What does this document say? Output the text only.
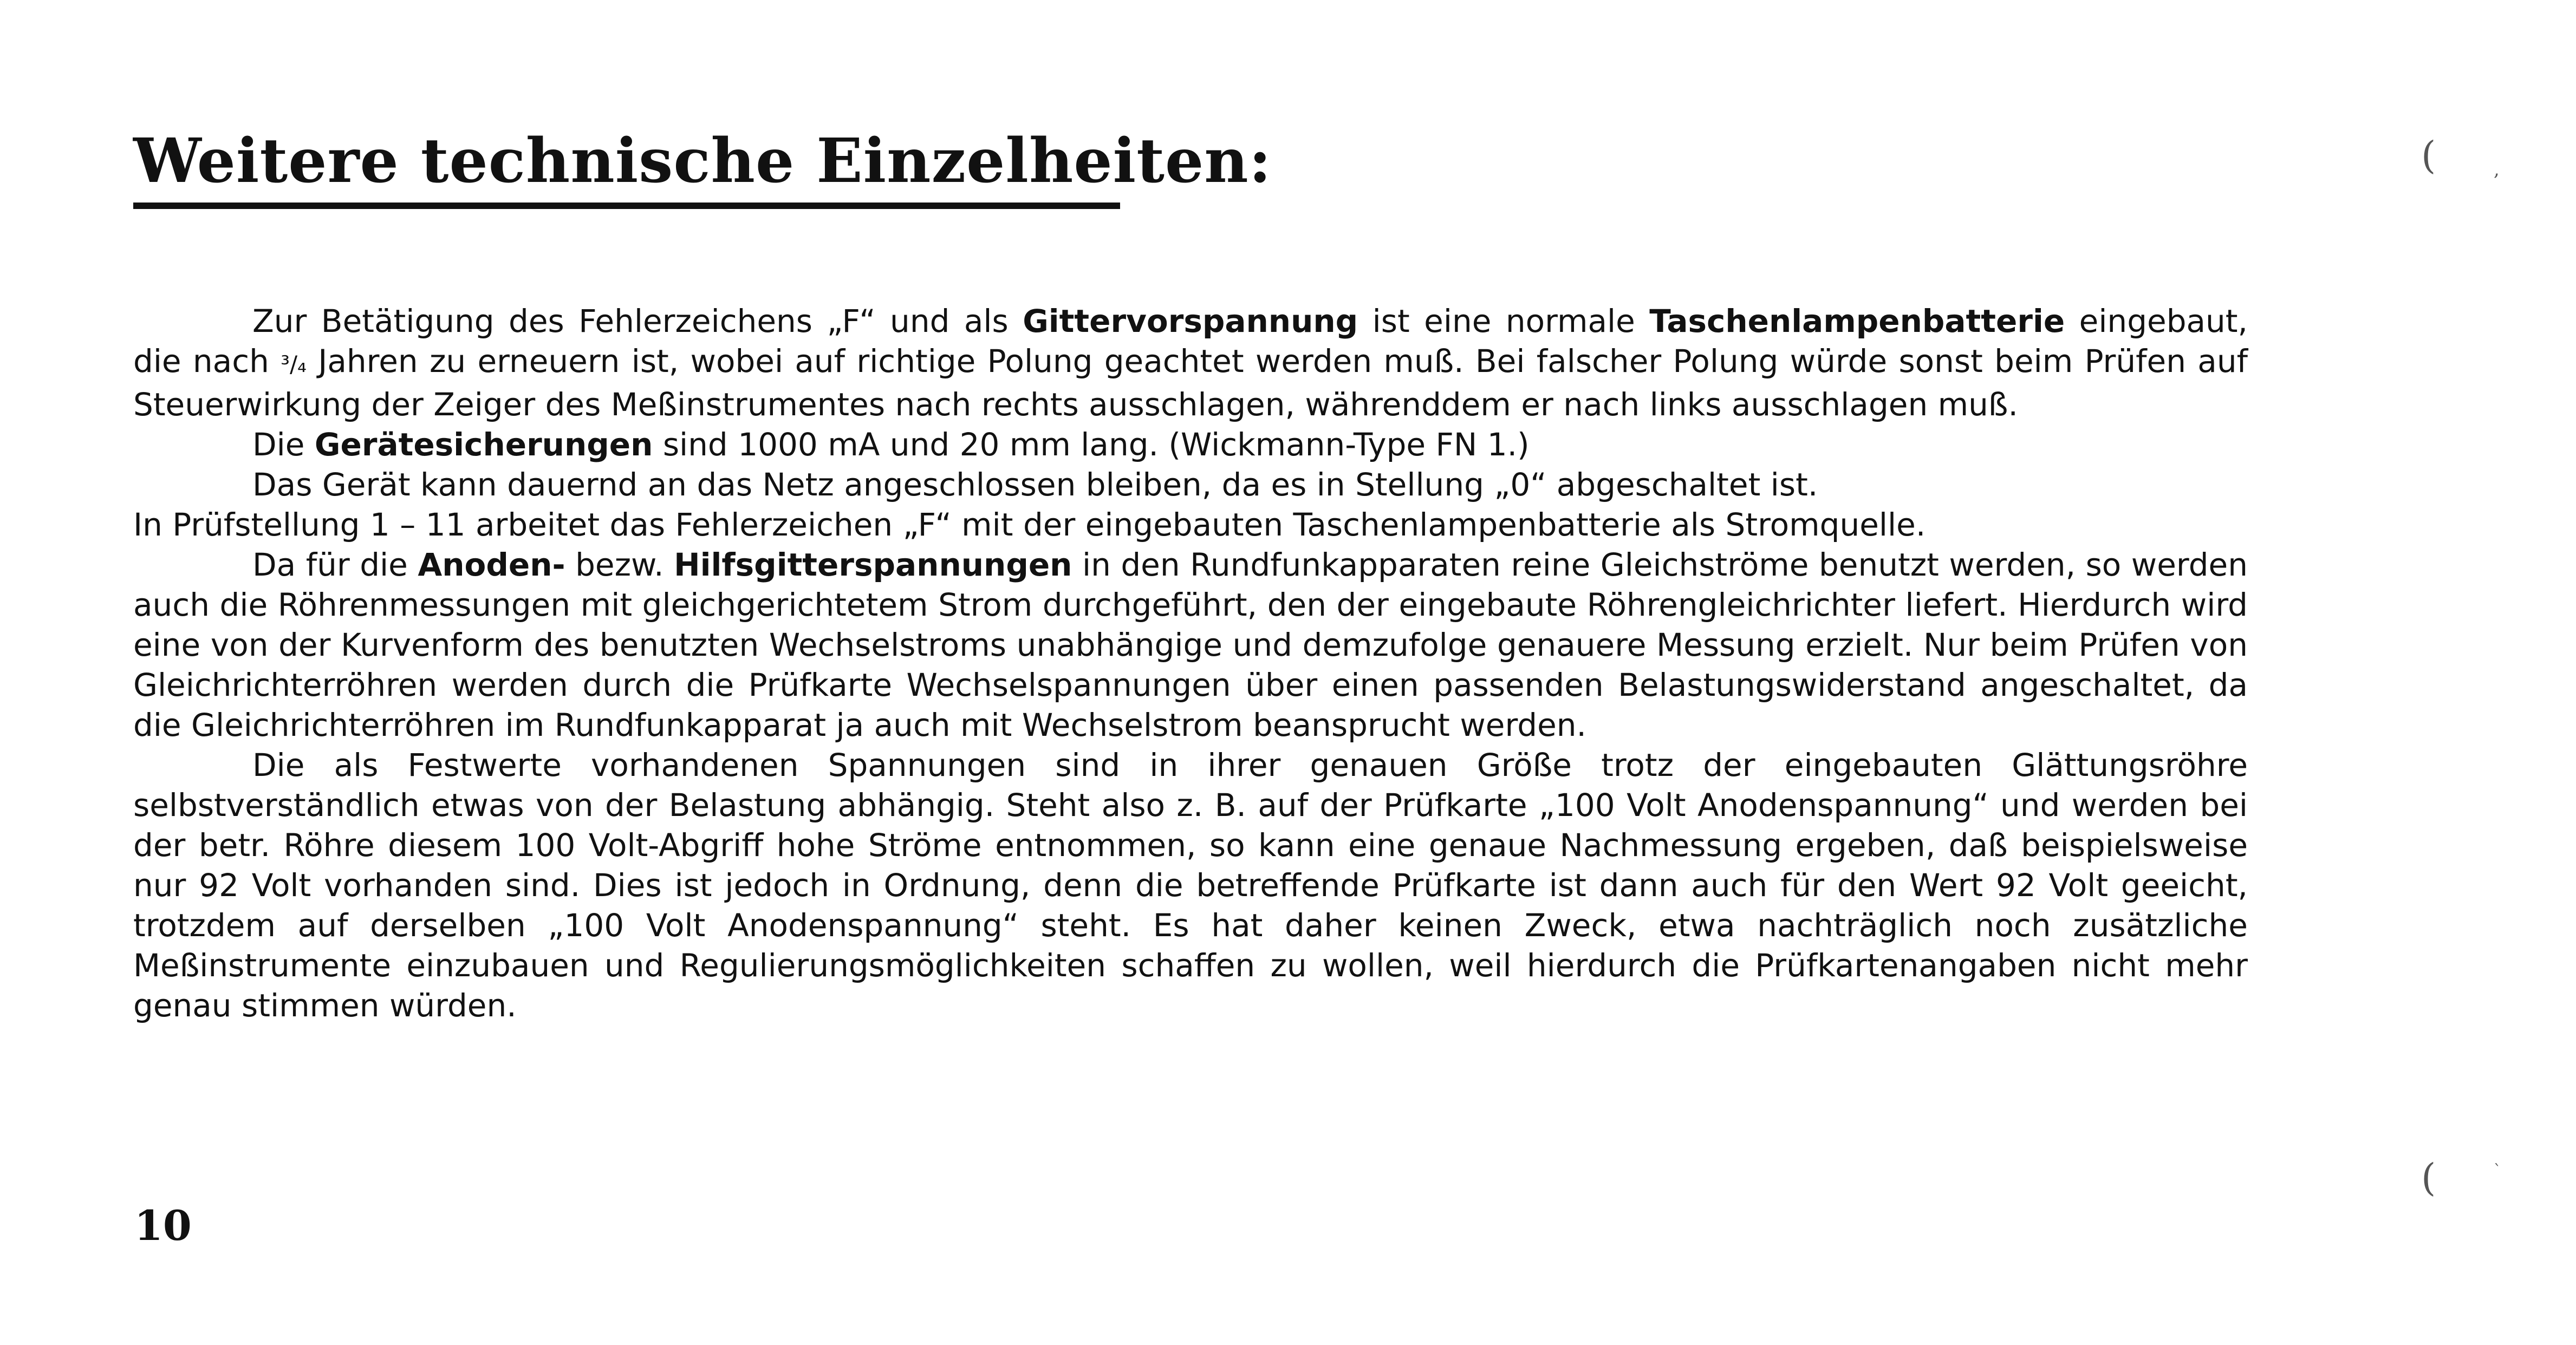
Weitere technische Einzelheiten:

Zur Betätigung des Fehlerzeichens „F“ und als Gittervorspannung ist eine normale Taschenlampenbatterie eingebaut, die nach ³/₄ Jahren zu erneuern ist, wobei auf richtige Polung geachtet werden muß. Bei falscher Polung würde sonst beim Prüfen auf Steuerwirkung der Zeiger des Meßinstrumentes nach rechts ausschlagen, währenddem er nach links ausschlagen muß.

Die Gerätesicherungen sind 1000 mA und 20 mm lang. (Wickmann-Type FN 1.)

Das Gerät kann dauernd an das Netz angeschlossen bleiben, da es in Stellung „0“ abgeschaltet ist.

In Prüfstellung 1 – 11 arbeitet das Fehlerzeichen „F“ mit der eingebauten Taschenlampenbatterie als Stromquelle.

Da für die Anoden- bezw. Hilfsgitterspannungen in den Rundfunkapparaten reine Gleichströme benutzt werden, so werden auch die Röhrenmessungen mit gleichgerichtetem Strom durchgeführt, den der eingebaute Röhrengleichrichter liefert. Hierdurch wird eine von der Kurvenform des benutzten Wechselstroms unabhängige und demzufolge genauere Messung erzielt. Nur beim Prüfen von Gleichrichterröhren werden durch die Prüfkarte Wechselspannungen über einen passenden Belastungswiderstand angeschaltet, da die Gleichrichterröhren im Rundfunkapparat ja auch mit Wechselstrom beansprucht werden.

Die als Festwerte vorhandenen Spannungen sind in ihrer genauen Größe trotz der eingebauten Glättungsröhre selbstverständlich etwas von der Belastung abhängig. Steht also z. B. auf der Prüfkarte „100 Volt Anodenspannung“ und werden bei der betr. Röhre diesem 100 Volt-Abgriff hohe Ströme entnommen, so kann eine genaue Nachmessung ergeben, daß beispielsweise nur 92 Volt vorhanden sind. Dies ist jedoch in Ordnung, denn die betreffende Prüfkarte ist dann auch für den Wert 92 Volt geeicht, trotzdem auf derselben „100 Volt Anodenspannung“ steht. Es hat daher keinen Zweck, etwa nachträglich noch zusätzliche Meßinstrumente einzubauen und Regulierungsmöglichkeiten schaffen zu wollen, weil hierdurch die Prüfkartenangaben nicht mehr genau stimmen würden.

10
(	,
(	`
